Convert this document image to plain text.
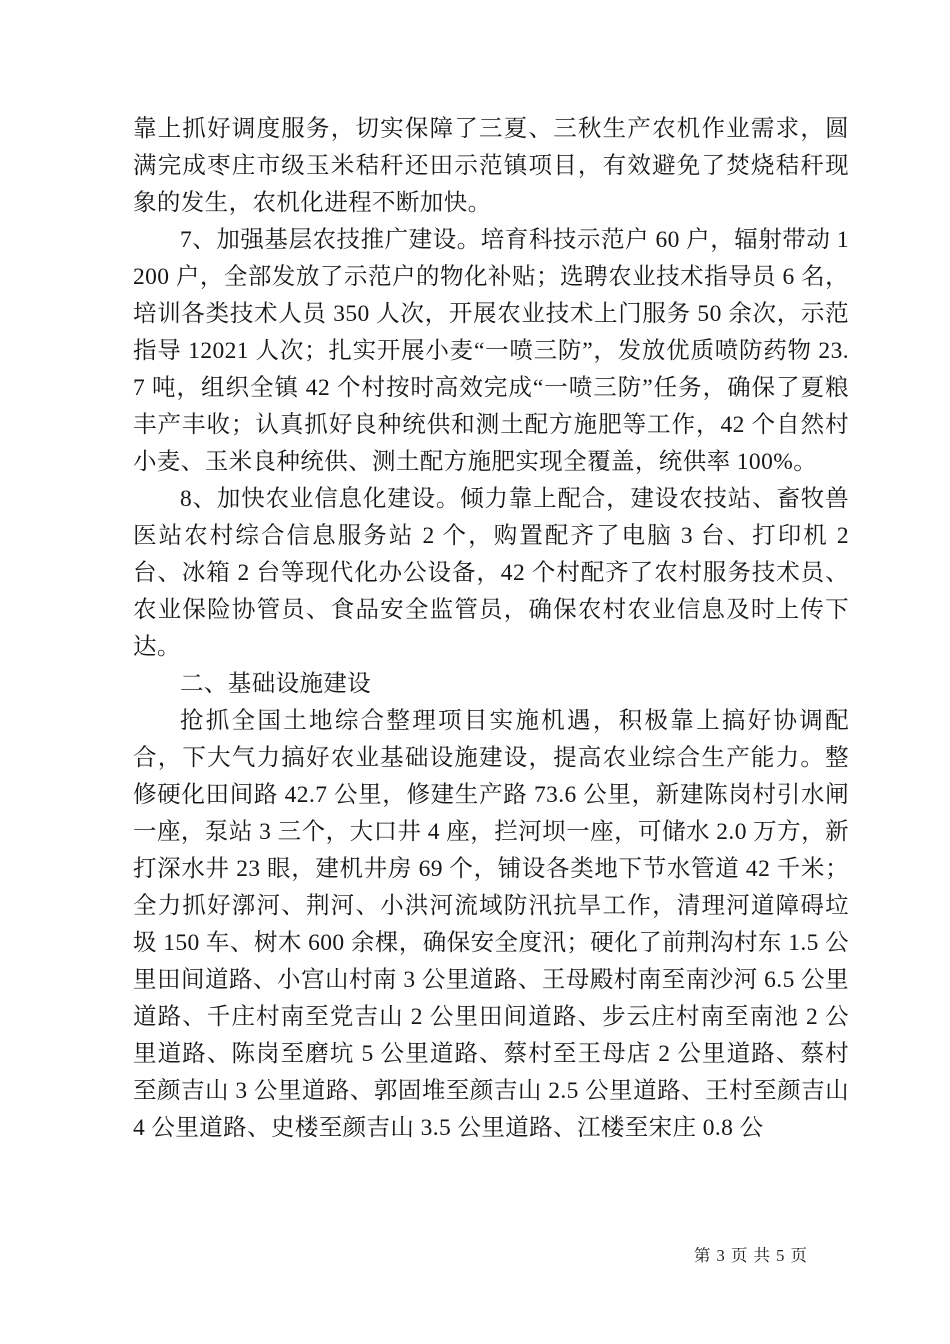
靠上抓好调度服务，切实保障了三夏、三秋生产农机作业需求，圆满完成枣庄市级玉米秸秆还田示范镇项目，有效避免了焚烧秸秆现象的发生，农机化进程不断加快。

7、加强基层农技推广建设。培育科技示范户 60 户，辐射带动 1200 户，全部发放了示范户的物化补贴；选聘农业技术指导员 6 名，培训各类技术人员 350 人次，开展农业技术上门服务 50 余次，示范指导 12021 人次；扎实开展小麦“一喷三防”，发放优质喷防药物 23.7 吨，组织全镇 42 个村按时高效完成“一喷三防”任务，确保了夏粮丰产丰收；认真抓好良种统供和测土配方施肥等工作，42 个自然村小麦、玉米良种统供、测土配方施肥实现全覆盖，统供率 100%。

8、加快农业信息化建设。倾力靠上配合，建设农技站、畜牧兽医站农村综合信息服务站 2 个，购置配齐了电脑 3 台、打印机 2 台、冰箱 2 台等现代化办公设备，42 个村配齐了农村服务技术员、农业保险协管员、食品安全监管员，确保农村农业信息及时上传下达。

二、基础设施建设

抢抓全国土地综合整理项目实施机遇，积极靠上搞好协调配合，下大气力搞好农业基础设施建设，提高农业综合生产能力。整修硬化田间路 42.7 公里，修建生产路 73.6 公里，新建陈岗村引水闸一座，泵站 3 三个，大口井 4 座，拦河坝一座，可储水 2.0 万方，新打深水井 23 眼，建机井房 69 个，铺设各类地下节水管道 42 千米；全力抓好漷河、荆河、小洪河流域防汛抗旱工作，清理河道障碍垃圾 150 车、树木 600 余棵，确保安全度汛；硬化了前荆沟村东 1.5 公里田间道路、小宫山村南 3 公里道路、王母殿村南至南沙河 6.5 公里道路、千庄村南至党吉山 2 公里田间道路、步云庄村南至南池 2 公里道路、陈岗至磨坑 5 公里道路、蔡村至王母店 2 公里道路、蔡村至颜吉山 3 公里道路、郭固堆至颜吉山 2.5 公里道路、王村至颜吉山 4 公里道路、史楼至颜吉山 3.5 公里道路、江楼至宋庄 0.8 公

第 3 页 共 5 页
